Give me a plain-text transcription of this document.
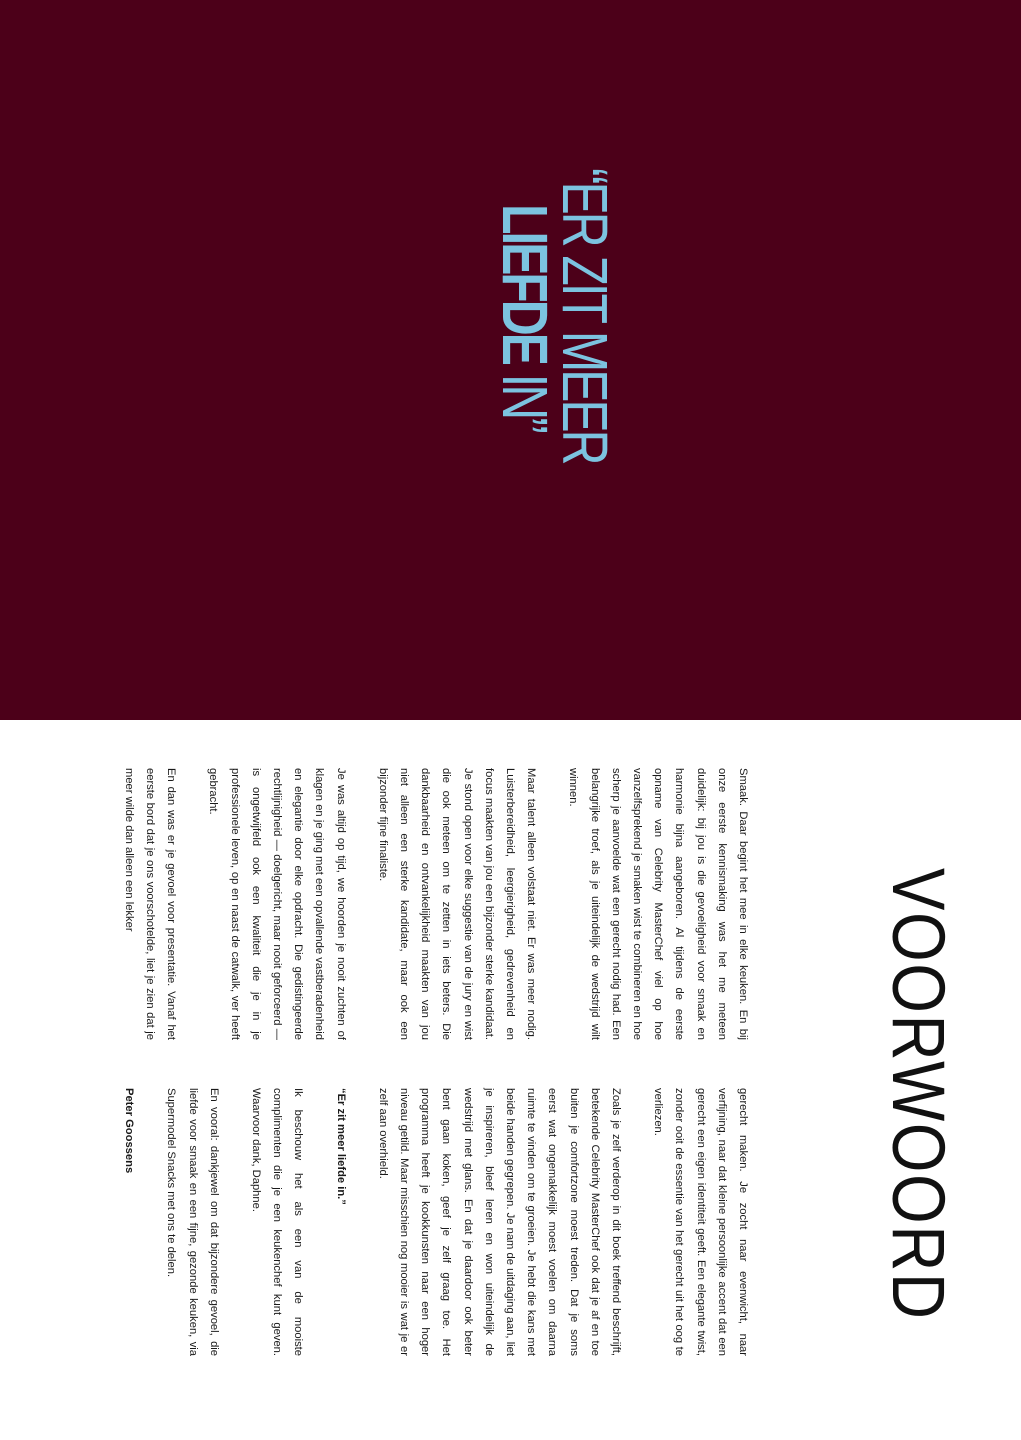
“ER ZIT MEER
LIEFDE IN”
VOORWOORD

Smaak. Daar begint het mee in elke keuken. En bij onze eerste kennismaking was het me meteen duidelijk: bij jou is die gevoeligheid voor smaak en harmonie bijna aangeboren. Al tijdens de eerste opname van Celebrity MasterChef viel op hoe vanzelfsprekend je smaken wist te combineren en hoe scherp je aanvoelde wat een gerecht nodig had. Een belangrijke troef, als je uiteindelijk de wedstrijd wilt winnen.

Maar talent alleen volstaat niet. Er was meer nodig. Luisterbereidheid, leergierigheid, gedrevenheid en focus maakten van jou een bijzonder sterke kandidaat. Je stond open voor elke suggestie van de jury en wist die ook meteen om te zetten in iets beters. Die dankbaarheid en ontvankelijkheid maakten van jou niet alleen een sterke kandidate, maar ook een bijzonder fijne finaliste.

Je was altijd op tijd, we hoorden je nooit zuchten of klagen en je ging met een opvallende vastberadenheid en elegantie door elke opdracht. Die gedistingeerde rechtlijnigheid — doelgericht, maar nooit geforceerd — is ongetwijfeld ook een kwaliteit die je in je professionele leven, op en naast de catwalk, ver heeft gebracht.

En dan was er je gevoel voor presentatie. Vanaf het eerste bord dat je ons voorschotelde, liet je zien dat je meer wilde dan alleen een lekker

gerecht maken. Je zocht naar evenwicht, naar verfijning, naar dat kleine persoonlijke accent dat een gerecht een eigen identiteit geeft. Een elegante twist, zonder ooit de essentie van het gerecht uit het oog te verliezen.

Zoals je zelf verderop in dit boek treffend beschrijft, betekende Celebrity MasterChef ook dat je af en toe buiten je comfortzone moest treden. Dat je soms eerst wat ongemakkelijk moest voelen om daarna ruimte te vinden om te groeien. Je hebt die kans met beide handen gegrepen. Je nam de uitdaging aan, liet je inspireren, bleef leren en won uiteindelijk de wedstrijd met glans. En dat je daardoor ook beter bent gaan koken, geef je zelf graag toe. Het programma heeft je kookkunsten naar een hoger niveau getild. Maar misschien nog mooier is wat je er zelf aan overhield.

“Er zit meer liefde in.”

Ik beschouw het als een van de mooiste complimenten die je een keukenchef kunt geven. Waarvoor dank, Daphne.

En vooral: dankjewel om dat bijzondere gevoel, die liefde voor smaak en een fijne, gezonde keuken, via Supermodel Snacks met ons te delen.

Peter Goossens
